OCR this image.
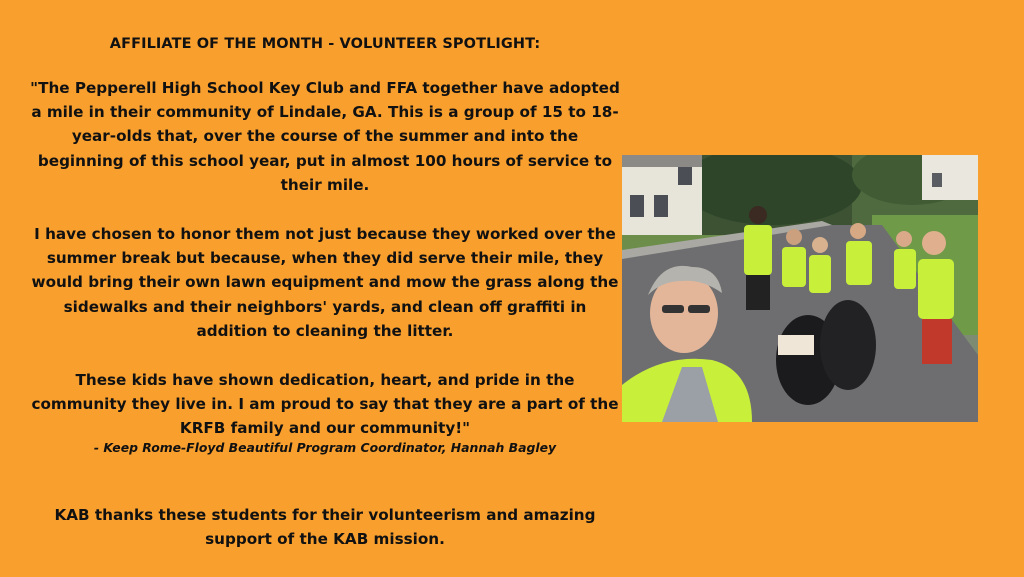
AFFILIATE OF THE MONTH - VOLUNTEER SPOTLIGHT:
"The Pepperell High School Key Club and FFA together have adopted a mile in their community of Lindale, GA. This is a group of 15 to 18-year-olds that, over the course of the summer and into the beginning of this school year, put in almost 100 hours of service to their mile.
I have chosen to honor them not just because they worked over the summer break but because, when they did serve their mile, they would bring their own lawn equipment and mow the grass along the sidewalks and their neighbors' yards, and clean off graffiti in addition to cleaning the litter.
These kids have shown dedication, heart, and pride in the community they live in. I am proud to say that they are a part of the KRFB family and our community!"
- Keep Rome-Floyd Beautiful Program Coordinator, Hannah Bagley
KAB thanks these students for their volunteerism and amazing support of the KAB mission.
